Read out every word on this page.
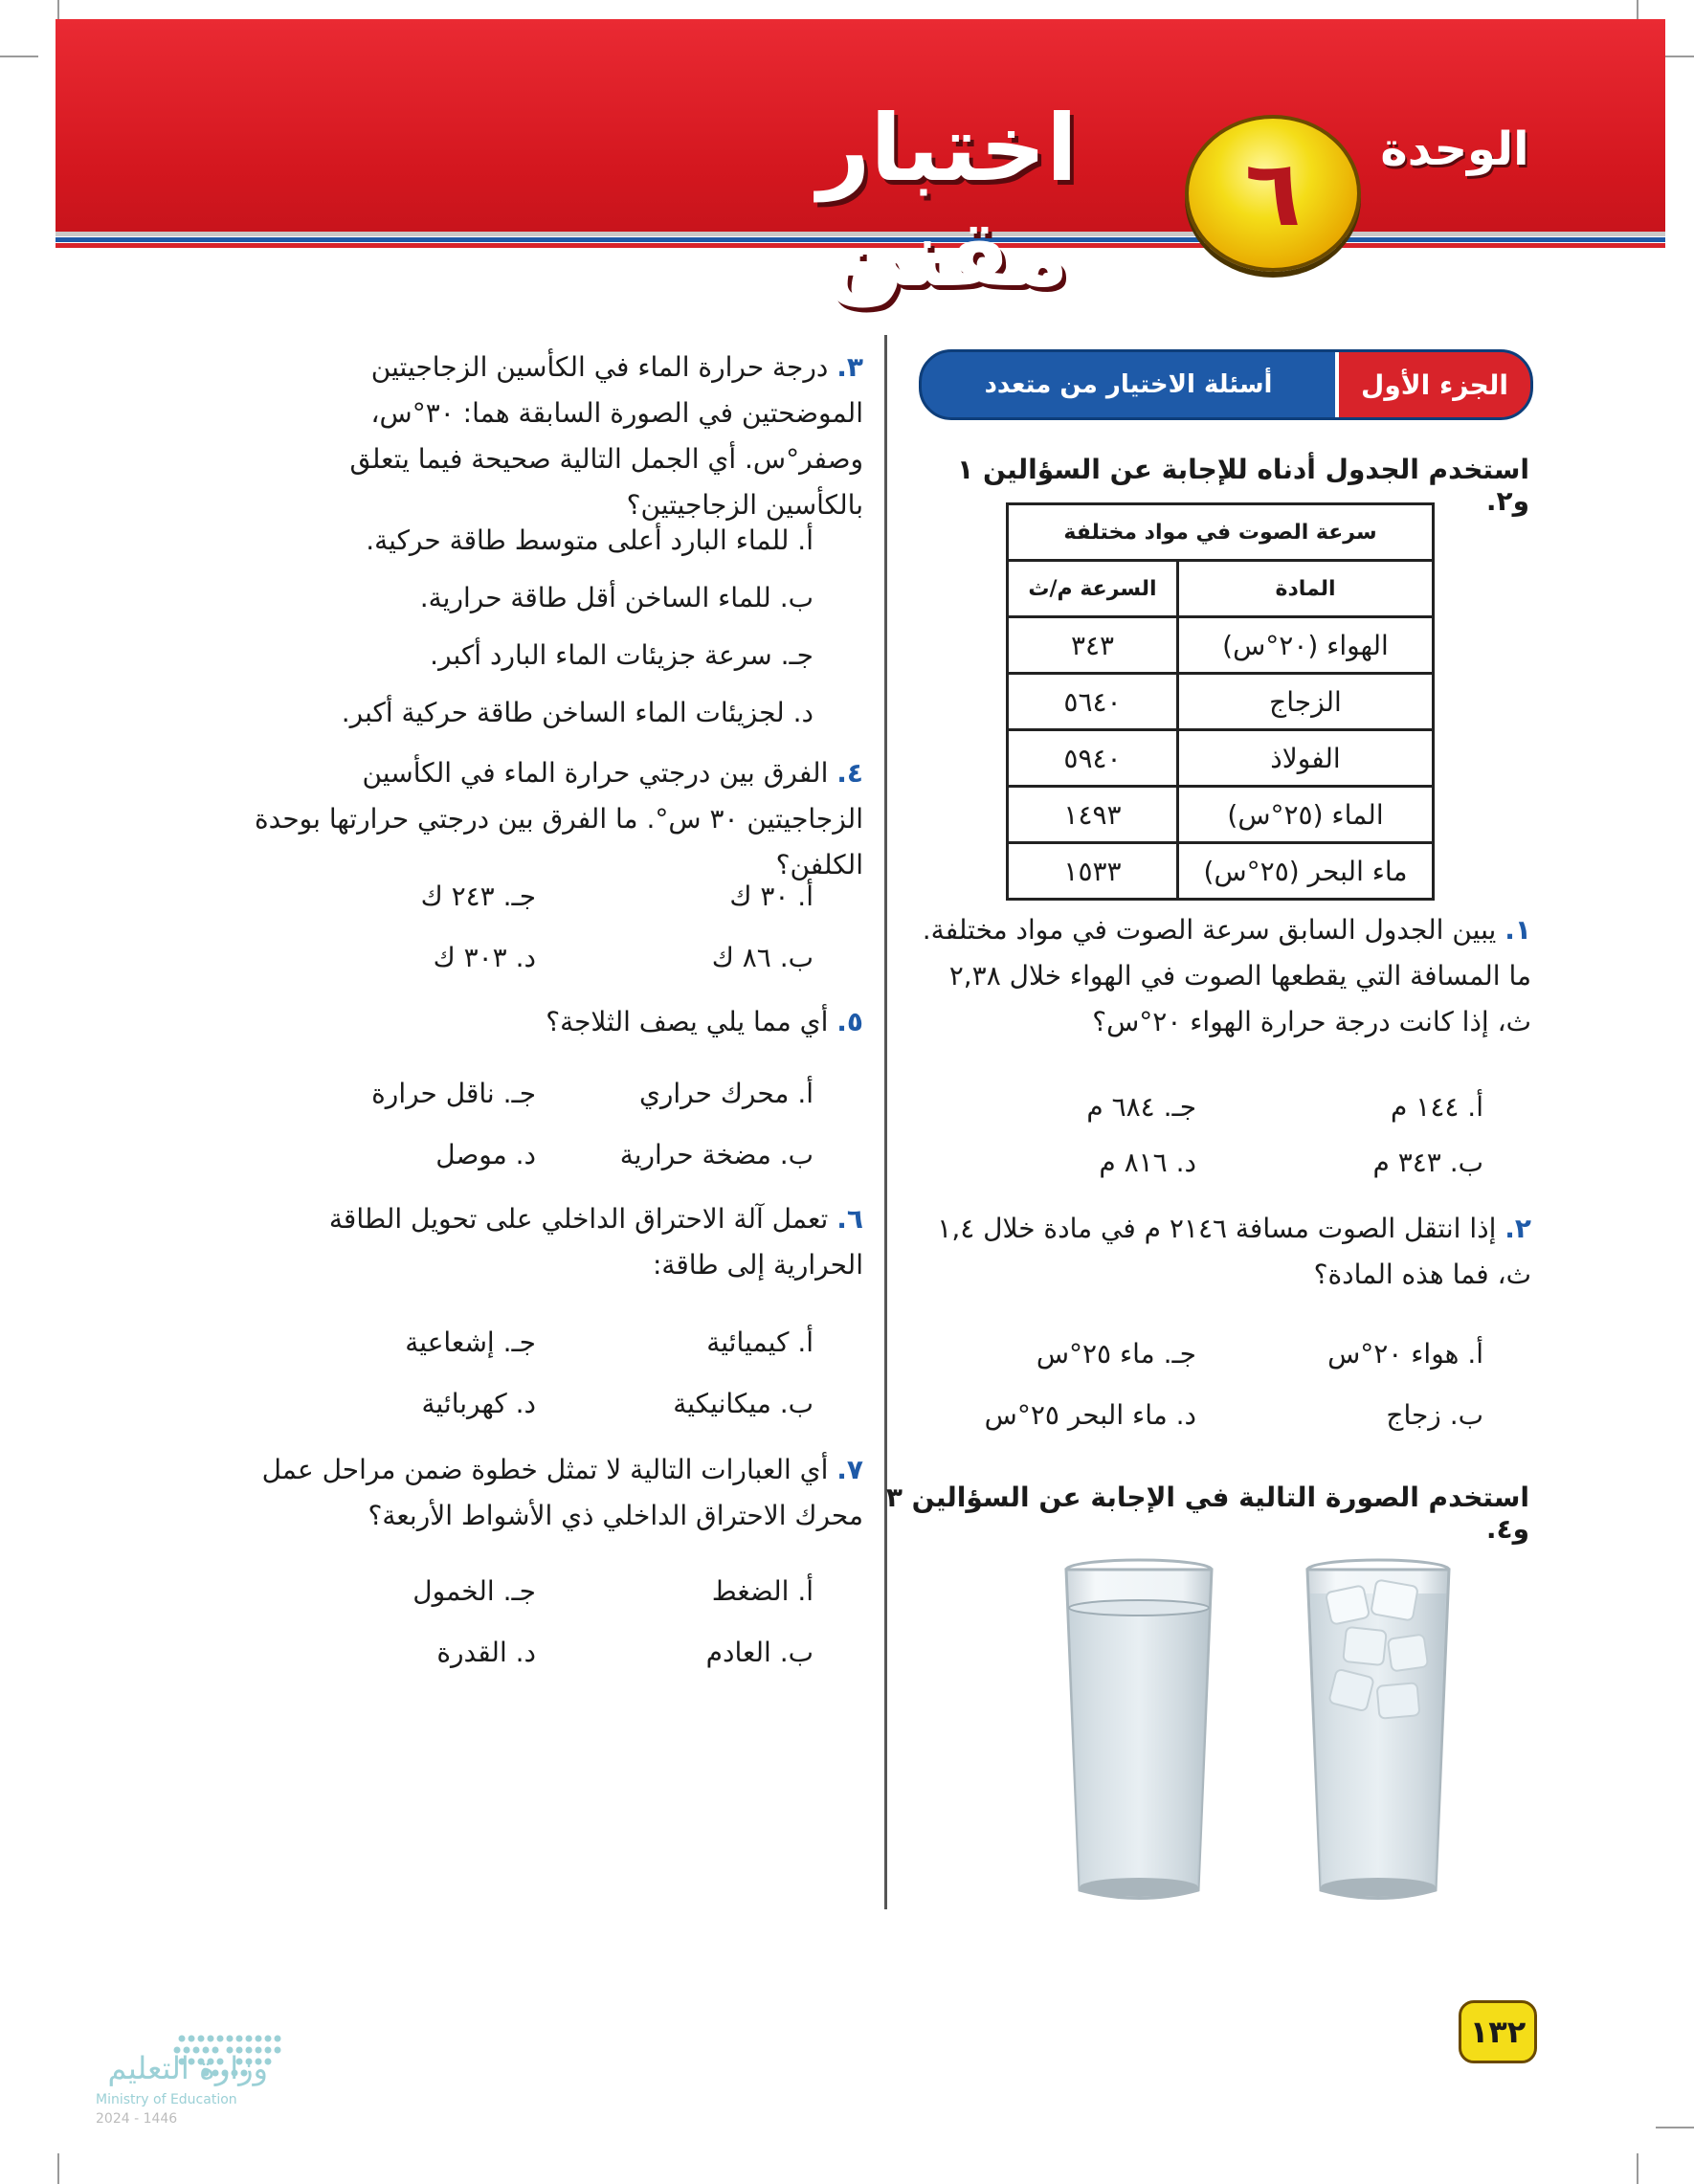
اختبار مقنن
٦	الوحدة
الجزء الأول
أسئلة الاختيار من متعدد
استخدم الجدول أدناه للإجابة عن السؤالين ١ و٢.
سرعة الصوت في مواد مختلفة	
المادة	السرعة م/ث
الهواء (٢٠°س)	٣٤٣
الزجاج	٥٦٤٠
الفولاذ	٥٩٤٠
الماء (٢٥°س)	١٤٩٣
ماء البحر (٢٥°س)	١٥٣٣
١. يبين الجدول السابق سرعة الصوت في مواد مختلفة. ما المسافة التي يقطعها الصوت في الهواء خلال ٢,٣٨ ث، إذا كانت درجة حرارة الهواء ٢٠°س؟
أ. ١٤٤ م
جـ. ٦٨٤ م
ب. ٣٤٣ م
د. ٨١٦ م
٢. إذا انتقل الصوت مسافة ٢١٤٦ م في مادة خلال ١,٤ ث، فما هذه المادة؟
أ. هواء ٢٠°س
جـ. ماء ٢٥°س
ب. زجاج
د. ماء البحر ٢٥°س
استخدم الصورة التالية في الإجابة عن السؤالين ٣ و٤.
٣. درجة حرارة الماء في الكأسين الزجاجيتين الموضحتين في الصورة السابقة هما: ٣٠°س، وصفر°س. أي الجمل التالية صحيحة فيما يتعلق بالكأسين الزجاجيتين؟
أ. للماء البارد أعلى متوسط طاقة حركية.
ب. للماء الساخن أقل طاقة حرارية.
جـ. سرعة جزيئات الماء البارد أكبر.
د. لجزيئات الماء الساخن طاقة حركية أكبر.
٤. الفرق بين درجتي حرارة الماء في الكأسين الزجاجيتين ٣٠ س°. ما الفرق بين درجتي حرارتها بوحدة الكلفن؟
أ. ٣٠ ك
جـ. ٢٤٣ ك
ب. ٨٦ ك
د. ٣٠٣ ك
٥. أي مما يلي يصف الثلاجة؟
أ. محرك حراري
جـ. ناقل حرارة
ب. مضخة حرارية
د. موصل
٦. تعمل آلة الاحتراق الداخلي على تحويل الطاقة الحرارية إلى طاقة:
أ. كيميائية
جـ. إشعاعية
ب. ميكانيكية
د. كهربائية
٧. أي العبارات التالية لا تمثل خطوة ضمن مراحل عمل محرك الاحتراق الداخلي ذي الأشواط الأربعة؟
أ. الضغط
جـ. الخمول
ب. العادم
د. القدرة
١٣٢
وزارة التعليم
Ministry of Education
2024 - 1446
